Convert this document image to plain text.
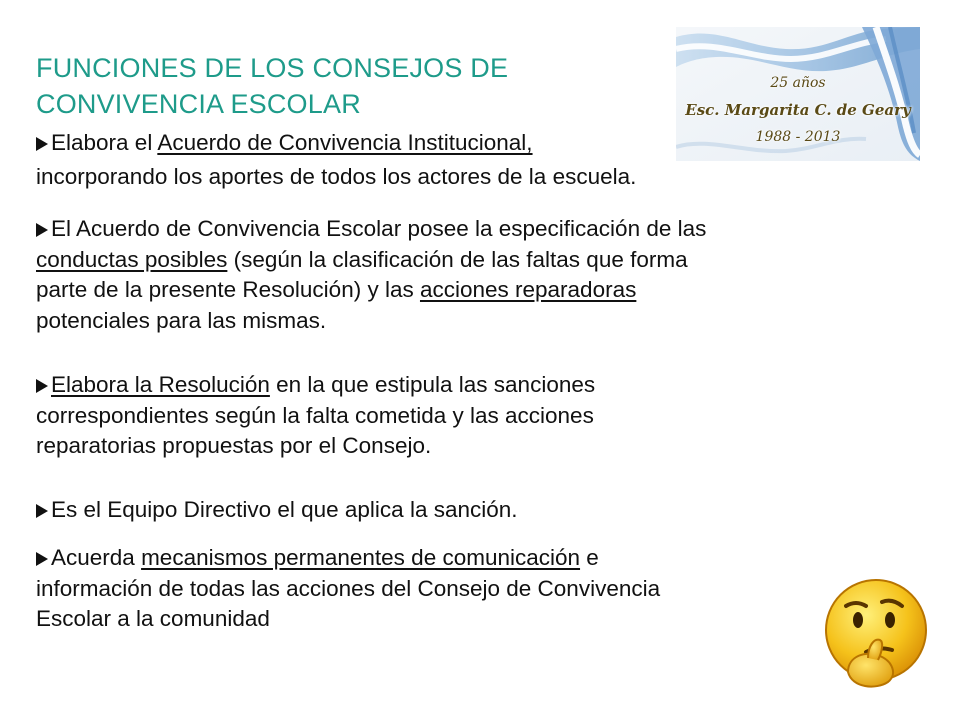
FUNCIONES DE LOS CONSEJOS DE
CONVIVENCIA ESCOLAR
25 años
Esc. Margarita C. de Geary
1988 - 2013
Elabora el Acuerdo de Convivencia Institucional,
incorporando los aportes de todos los actores de la escuela.
El Acuerdo de Convivencia Escolar posee la especificación de las
conductas posibles (según la clasificación de las faltas que forma
parte de la presente Resolución) y las acciones reparadoras
potenciales para las mismas.
Elabora la Resolución en la que estipula las sanciones
correspondientes según la falta cometida y las acciones
reparatorias propuestas por el Consejo.
Es el Equipo Directivo el que aplica la sanción.
Acuerda mecanismos permanentes de comunicación e
información de todas las acciones del Consejo de Convivencia
Escolar a la comunidad
